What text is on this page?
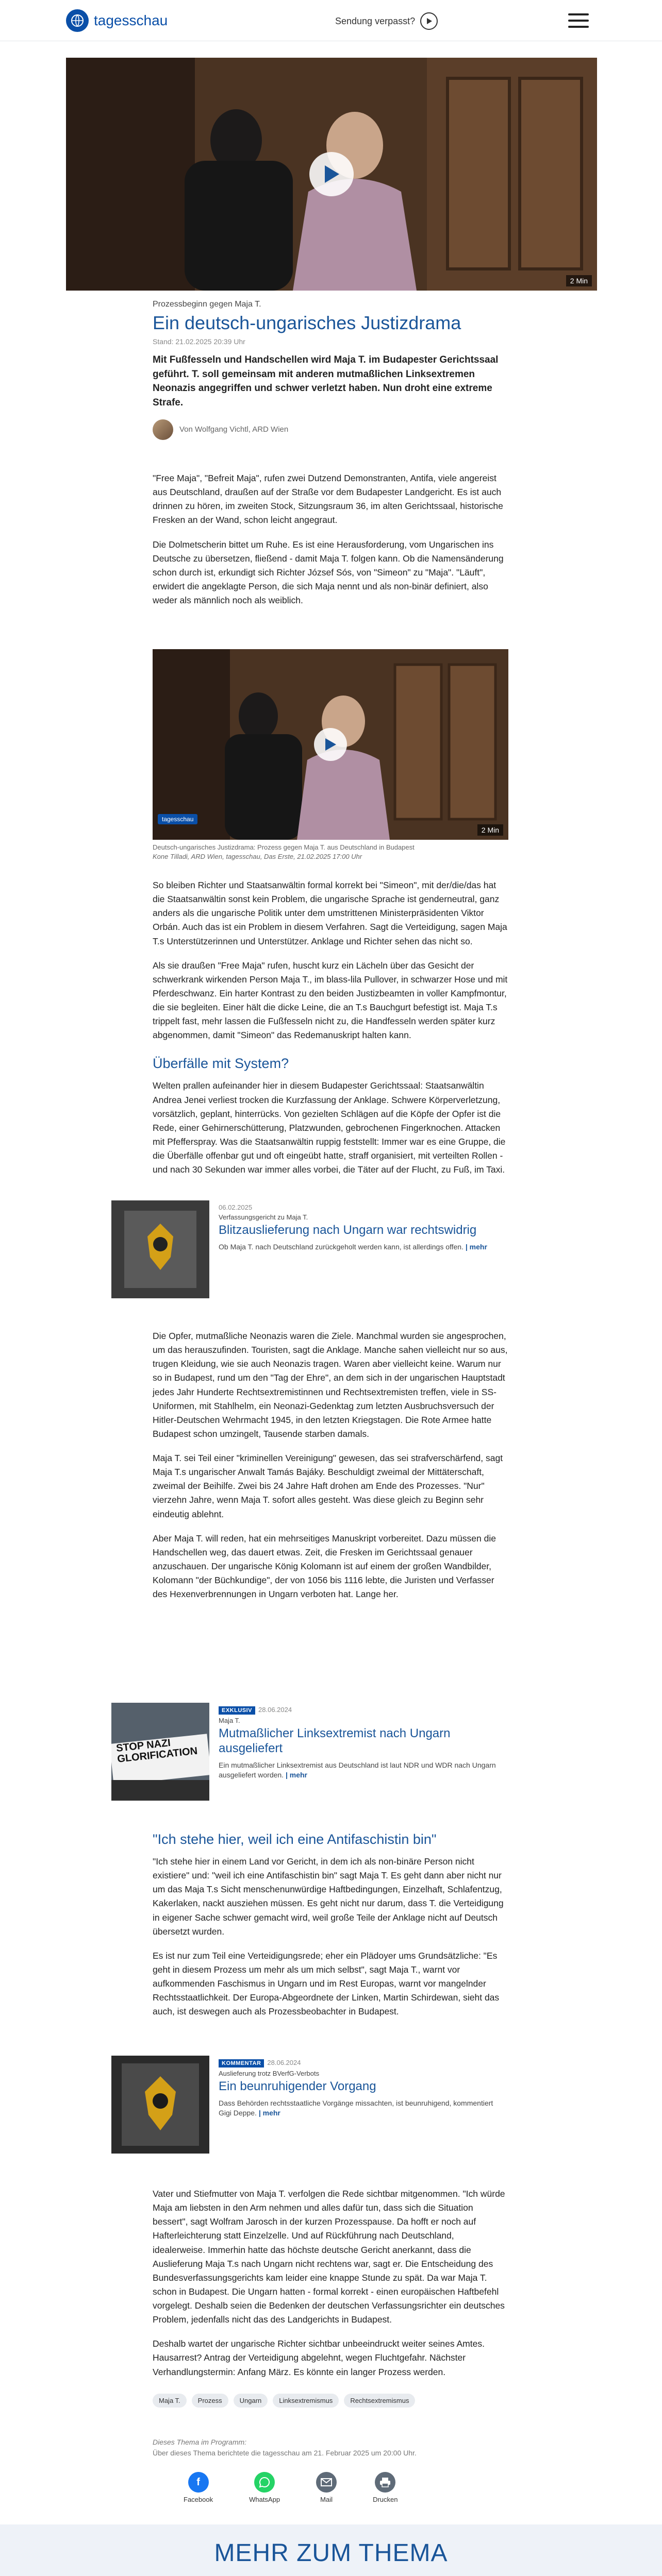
tagesschau	Sendung verpasst?
2 Min
Prozessbeginn gegen Maja T.
Ein deutsch-ungarisches Justizdrama
Stand: 21.02.2025 20:39 Uhr
Mit Fußfesseln und Handschellen wird Maja T. im Budapester Gerichtssaal geführt. T. soll gemeinsam mit anderen mutmaßlichen Linksextremen Neonazis angegriffen und schwer verletzt haben. Nun droht eine extreme Strafe.
Von Wolfgang Vichtl, ARD Wien

"Free Maja", "Befreit Maja", rufen zwei Dutzend Demonstranten, Antifa, viele angereist aus Deutschland, draußen auf der Straße vor dem Budapester Landgericht. Es ist auch drinnen zu hören, im zweiten Stock, Sitzungsraum 36, im alten Gerichtssaal, historische Fresken an der Wand, schon leicht angegraut.

Die Dolmetscherin bittet um Ruhe. Es ist eine Herausforderung, vom Ungarischen ins Deutsche zu übersetzen, fließend - damit Maja T. folgen kann. Ob die Namensänderung schon durch ist, erkundigt sich Richter József Sós, von "Simeon" zu "Maja". "Läuft", erwidert die angeklagte Person, die sich Maja nennt und als non-binär definiert, also weder als männlich noch als weiblich.

tagesschau
2 Min
Deutsch-ungarisches Justizdrama: Prozess gegen Maja T. aus Deutschland in Budapest
Kone Tilladi, ARD Wien, tagesschau, Das Erste, 21.02.2025 17:00 Uhr

So bleiben Richter und Staatsanwältin formal korrekt bei "Simeon", mit der/die/das hat die Staatsanwältin sonst kein Problem, die ungarische Sprache ist genderneutral, ganz anders als die ungarische Politik unter dem umstrittenen Ministerpräsidenten Viktor Orbán. Auch das ist ein Problem in diesem Verfahren. Sagt die Verteidigung, sagen Maja T.s Unterstützerinnen und Unterstützer. Anklage und Richter sehen das nicht so.

Als sie draußen "Free Maja" rufen, huscht kurz ein Lächeln über das Gesicht der schwerkrank wirkenden Person Maja T., im blass-lila Pullover, in schwarzer Hose und mit Pferdeschwanz. Ein harter Kontrast zu den beiden Justizbeamten in voller Kampfmontur, die sie begleiten. Einer hält die dicke Leine, die an T.s Bauchgurt befestigt ist. Maja T.s trippelt fast, mehr lassen die Fußfesseln nicht zu, die Handfesseln werden später kurz abgenommen, damit "Simeon" das Redemanuskript halten kann.

Überfälle mit System?

Welten prallen aufeinander hier in diesem Budapester Gerichtssaal: Staatsanwältin Andrea Jenei verliest trocken die Kurzfassung der Anklage. Schwere Körperverletzung, vorsätzlich, geplant, hinterrücks. Von gezielten Schlägen auf die Köpfe der Opfer ist die Rede, einer Gehirnerschütterung, Platzwunden, gebrochenen Fingerknochen. Attacken mit Pfefferspray. Was die Staatsanwältin ruppig feststellt: Immer war es eine Gruppe, die die Überfälle offenbar gut und oft eingeübt hatte, straff organisiert, mit verteilten Rollen - und nach 30 Sekunden war immer alles vorbei, die Täter auf der Flucht, zu Fuß, im Taxi.

06.02.2025
Verfassungsgericht zu Maja T.
Blitzauslieferung nach Ungarn war rechtswidrig
Ob Maja T. nach Deutschland zurückgeholt werden kann, ist allerdings offen. | mehr

Die Opfer, mutmaßliche Neonazis waren die Ziele. Manchmal wurden sie angesprochen, um das herauszufinden. Touristen, sagt die Anklage. Manche sahen vielleicht nur so aus, trugen Kleidung, wie sie auch Neonazis tragen. Waren aber vielleicht keine. Warum nur so in Budapest, rund um den "Tag der Ehre", an dem sich in der ungarischen Hauptstadt jedes Jahr Hunderte Rechtsextremistinnen und Rechtsextremisten treffen, viele in SS-Uniformen, mit Stahlhelm, ein Neonazi-Gedenktag zum letzten Ausbruchsversuch der Hitler-Deutschen Wehrmacht 1945, in den letzten Kriegstagen. Die Rote Armee hatte Budapest schon umzingelt, Tausende starben damals.

Maja T. sei Teil einer "kriminellen Vereinigung" gewesen, das sei strafverschärfend, sagt Maja T.s ungarischer Anwalt Tamás Bajáky. Beschuldigt zweimal der Mittäterschaft, zweimal der Beihilfe. Zwei bis 24 Jahre Haft drohen am Ende des Prozesses. "Nur" vierzehn Jahre, wenn Maja T. sofort alles gesteht. Was diese gleich zu Beginn sehr eindeutig ablehnt.

Aber Maja T. will reden, hat ein mehrseitiges Manuskript vorbereitet. Dazu müssen die Handschellen weg, das dauert etwas. Zeit, die Fresken im Gerichtssaal genauer anzuschauen. Der ungarische König Kolomann ist auf einem der großen Wandbilder, Kolomann "der Büchkundige", der von 1056 bis 1116 lebte, die Juristen und Verfasser des Hexenverbrennungen in Ungarn verboten hat. Lange her.

STOP NAZI GLORIFICATION
EXKLUSIV 28.06.2024
Maja T.
Mutmaßlicher Linksextremist nach Ungarn ausgeliefert
Ein mutmaßlicher Linksextremist aus Deutschland ist laut NDR und WDR nach Ungarn ausgeliefert worden. | mehr
"Ich stehe hier, weil ich eine Antifaschistin bin"

"Ich stehe hier in einem Land vor Gericht, in dem ich als non-binäre Person nicht existiere" und: "weil ich eine Antifaschistin bin" sagt Maja T. Es geht dann aber nicht nur um das Maja T.s Sicht menschenunwürdige Haftbedingungen, Einzelhaft, Schlafentzug, Kakerlaken, nackt ausziehen müssen. Es geht nicht nur darum, dass T. die Verteidigung in eigener Sache schwer gemacht wird, weil große Teile der Anklage nicht auf Deutsch übersetzt wurden.

Es ist nur zum Teil eine Verteidigungsrede; eher ein Plädoyer ums Grundsätzliche: "Es geht in diesem Prozess um mehr als um mich selbst", sagt Maja T., warnt vor aufkommenden Faschismus in Ungarn und im Rest Europas, warnt vor mangelnder Rechtsstaatlichkeit. Der Europa-Abgeordnete der Linken, Martin Schirdewan, sieht das auch, ist deswegen auch als Prozessbeobachter in Budapest.

KOMMENTAR 28.06.2024
Auslieferung trotz BVerfG-Verbots
Ein beunruhigender Vorgang
Dass Behörden rechtsstaatliche Vorgänge missachten, ist beunruhigend, kommentiert Gigi Deppe. | mehr

Vater und Stiefmutter von Maja T. verfolgen die Rede sichtbar mitgenommen. "Ich würde Maja am liebsten in den Arm nehmen und alles dafür tun, dass sich die Situation bessert", sagt Wolfram Jarosch in der kurzen Prozesspause. Da hofft er noch auf Hafterleichterung statt Einzelzelle. Und auf Rückführung nach Deutschland, idealerweise. Immerhin hatte das höchste deutsche Gericht anerkannt, dass die Auslieferung Maja T.s nach Ungarn nicht rechtens war, sagt er. Die Entscheidung des Bundesverfassungsgerichts kam leider eine knappe Stunde zu spät. Da war Maja T. schon in Budapest. Die Ungarn hatten - formal korrekt - einen europäischen Haftbefehl vorgelegt. Deshalb seien die Bedenken der deutschen Verfassungsrichter ein deutsches Problem, jedenfalls nicht das des Landgerichts in Budapest.

Deshalb wartet der ungarische Richter sichtbar unbeeindruckt weiter seines Amtes. Hausarrest? Antrag der Verteidigung abgelehnt, wegen Fluchtgefahr. Nächster Verhandlungstermin: Anfang März. Es könnte ein langer Prozess werden.

Maja T.	Prozess	Ungarn	Linksextremismus	Rechtsextremismus
Dieses Thema im Programm:
Über dieses Thema berichtete die tagesschau am 21. Februar 2025 um 20:00 Uhr.
f
Facebook	WhatsApp	Mail	Drucken
MEHR ZUM THEMA
